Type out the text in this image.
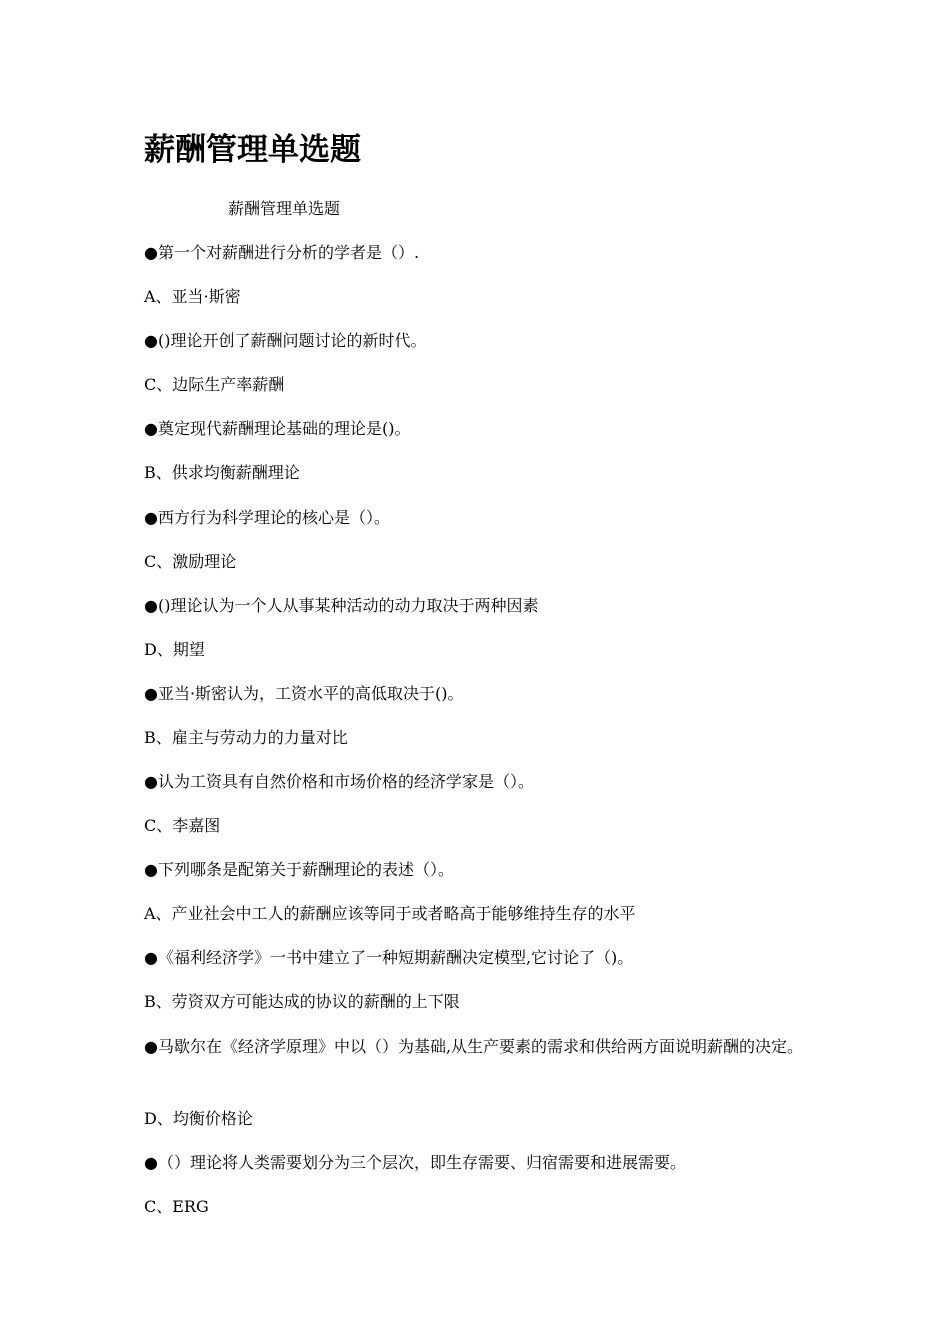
薪酬管理单选题

薪酬管理单选题

●第一个对薪酬进行分析的学者是（）.

A、亚当·斯密

●()理论开创了薪酬问题讨论的新时代。

C、边际生产率薪酬

●奠定现代薪酬理论基础的理论是()。

B、供求均衡薪酬理论

●西方行为科学理论的核心是（）。

C、激励理论

●()理论认为一个人从事某种活动的动力取决于两种因素

D、期望

●亚当·斯密认为，工资水平的高低取决于()。

B、雇主与劳动力的力量对比

●认为工资具有自然价格和市场价格的经济学家是（）。

C、李嘉图

●下列哪条是配第关于薪酬理论的表述（）。

A、产业社会中工人的薪酬应该等同于或者略高于能够维持生存的水平

●《福利经济学》一书中建立了一种短期薪酬决定模型,它讨论了（)。

B、劳资双方可能达成的协议的薪酬的上下限

●马歇尔在《经济学原理》中以（）为基础,从生产要素的需求和供给两方面说明薪酬的决定。

D、均衡价格论

●（）理论将人类需要划分为三个层次，即生存需要、归宿需要和进展需要。

C、ERG
